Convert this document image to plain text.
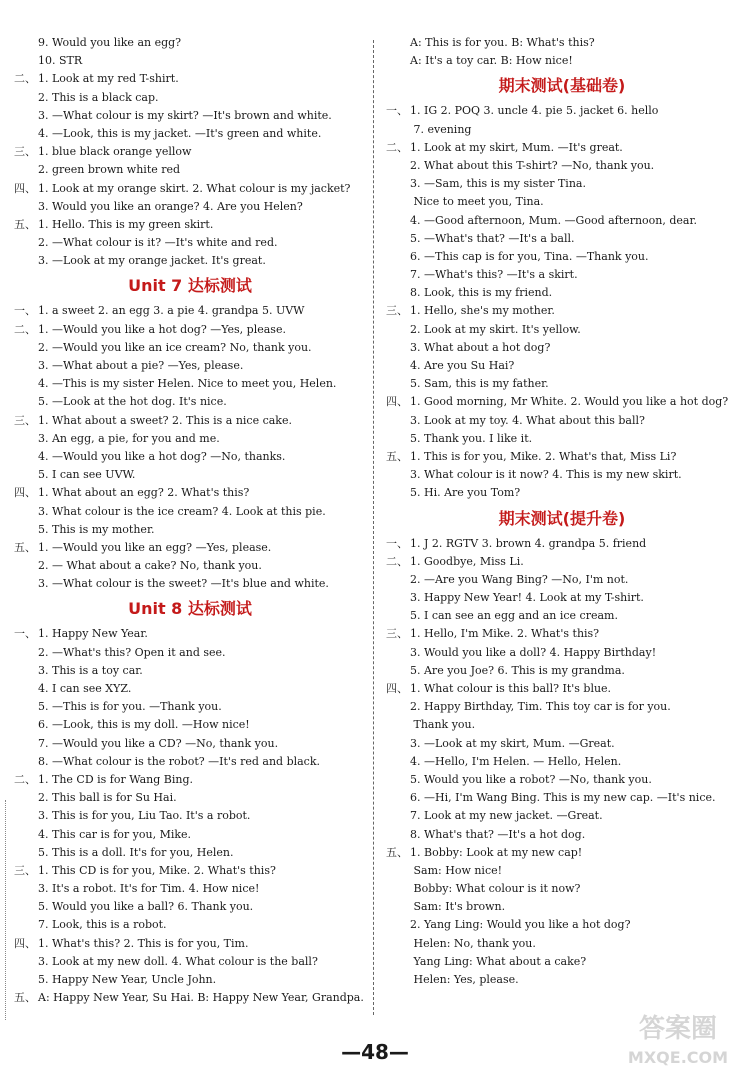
9. Would you like an egg?
10. STR
二、 1. Look at my red T-shirt.
2. This is a black cap.
3. —What colour is my skirt? —It's brown and white.
4. —Look, this is my jacket. —It's green and white.
三、 1. blue black orange yellow
2. green brown white red
四、 1. Look at my orange skirt. 2. What colour is my jacket?
3. Would you like an orange? 4. Are you Helen?
五、 1. Hello. This is my green skirt.
2. —What colour is it? —It's white and red.
3. —Look at my orange jacket. It's great.
Unit 7 达标测试
一、 1. a sweet 2. an egg 3. a pie 4. grandpa 5. UVW
二、 1. —Would you like a hot dog? —Yes, please.
2. —Would you like an ice cream? No, thank you.
3. —What about a pie? —Yes, please.
4. —This is my sister Helen. Nice to meet you, Helen.
5. —Look at the hot dog. It's nice.
三、 1. What about a sweet? 2. This is a nice cake.
3. An egg, a pie, for you and me.
4. —Would you like a hot dog? —No, thanks.
5. I can see UVW.
四、 1. What about an egg? 2. What's this?
3. What colour is the ice cream? 4. Look at this pie.
5. This is my mother.
五、 1. —Would you like an egg? —Yes, please.
2. — What about a cake? No, thank you.
3. —What colour is the sweet? —It's blue and white.
Unit 8 达标测试
一、 1. Happy New Year.
2. —What's this? Open it and see.
3. This is a toy car.
4. I can see XYZ.
5. —This is for you. —Thank you.
6. —Look, this is my doll. —How nice!
7. —Would you like a CD? —No, thank you.
8. —What colour is the robot? —It's red and black.
二、 1. The CD is for Wang Bing.
2. This ball is for Su Hai.
3. This is for you, Liu Tao. It's a robot.
4. This car is for you, Mike.
5. This is a doll. It's for you, Helen.
三、 1. This CD is for you, Mike. 2. What's this?
3. It's a robot. It's for Tim. 4. How nice!
5. Would you like a ball? 6. Thank you.
7. Look, this is a robot.
四、 1. What's this? 2. This is for you, Tim.
3. Look at my new doll. 4. What colour is the ball?
5. Happy New Year, Uncle John.
五、 A: Happy New Year, Su Hai. B: Happy New Year, Grandpa.
A: This is for you. B: What's this?
A: It's a toy car. B: How nice!
期末测试(基础卷)
一、 1. IG 2. POQ 3. uncle 4. pie 5. jacket 6. hello
7. evening
二、 1. Look at my skirt, Mum. —It's great.
2. What about this T-shirt? —No, thank you.
3. —Sam, this is my sister Tina.
Nice to meet you, Tina.
4. —Good afternoon, Mum. —Good afternoon, dear.
5. —What's that? —It's a ball.
6. —This cap is for you, Tina. —Thank you.
7. —What's this? —It's a skirt.
8. Look, this is my friend.
三、 1. Hello, she's my mother.
2. Look at my skirt. It's yellow.
3. What about a hot dog?
4. Are you Su Hai?
5. Sam, this is my father.
四、 1. Good morning, Mr White. 2. Would you like a hot dog?
3. Look at my toy. 4. What about this ball?
5. Thank you. I like it.
五、 1. This is for you, Mike. 2. What's that, Miss Li?
3. What colour is it now? 4. This is my new skirt.
5. Hi. Are you Tom?
期末测试(提升卷)
一、 1. J 2. RGTV 3. brown 4. grandpa 5. friend
二、 1. Goodbye, Miss Li.
2. —Are you Wang Bing? —No, I'm not.
3. Happy New Year! 4. Look at my T-shirt.
5. I can see an egg and an ice cream.
三、 1. Hello, I'm Mike. 2. What's this?
3. Would you like a doll? 4. Happy Birthday!
5. Are you Joe? 6. This is my grandma.
四、 1. What colour is this ball? It's blue.
2. Happy Birthday, Tim. This toy car is for you.
Thank you.
3. —Look at my skirt, Mum. —Great.
4. —Hello, I'm Helen. — Hello, Helen.
5. Would you like a robot? —No, thank you.
6. —Hi, I'm Wang Bing. This is my new cap. —It's nice.
7. Look at my new jacket. —Great.
8. What's that? —It's a hot dog.
五、 1. Bobby: Look at my new cap!
Sam: How nice!
Bobby: What colour is it now?
Sam: It's brown.
2. Yang Ling: Would you like a hot dog?
Helen: No, thank you.
Yang Ling: What about a cake?
Helen: Yes, please.
—48—
答案圈
MXQE.COM
